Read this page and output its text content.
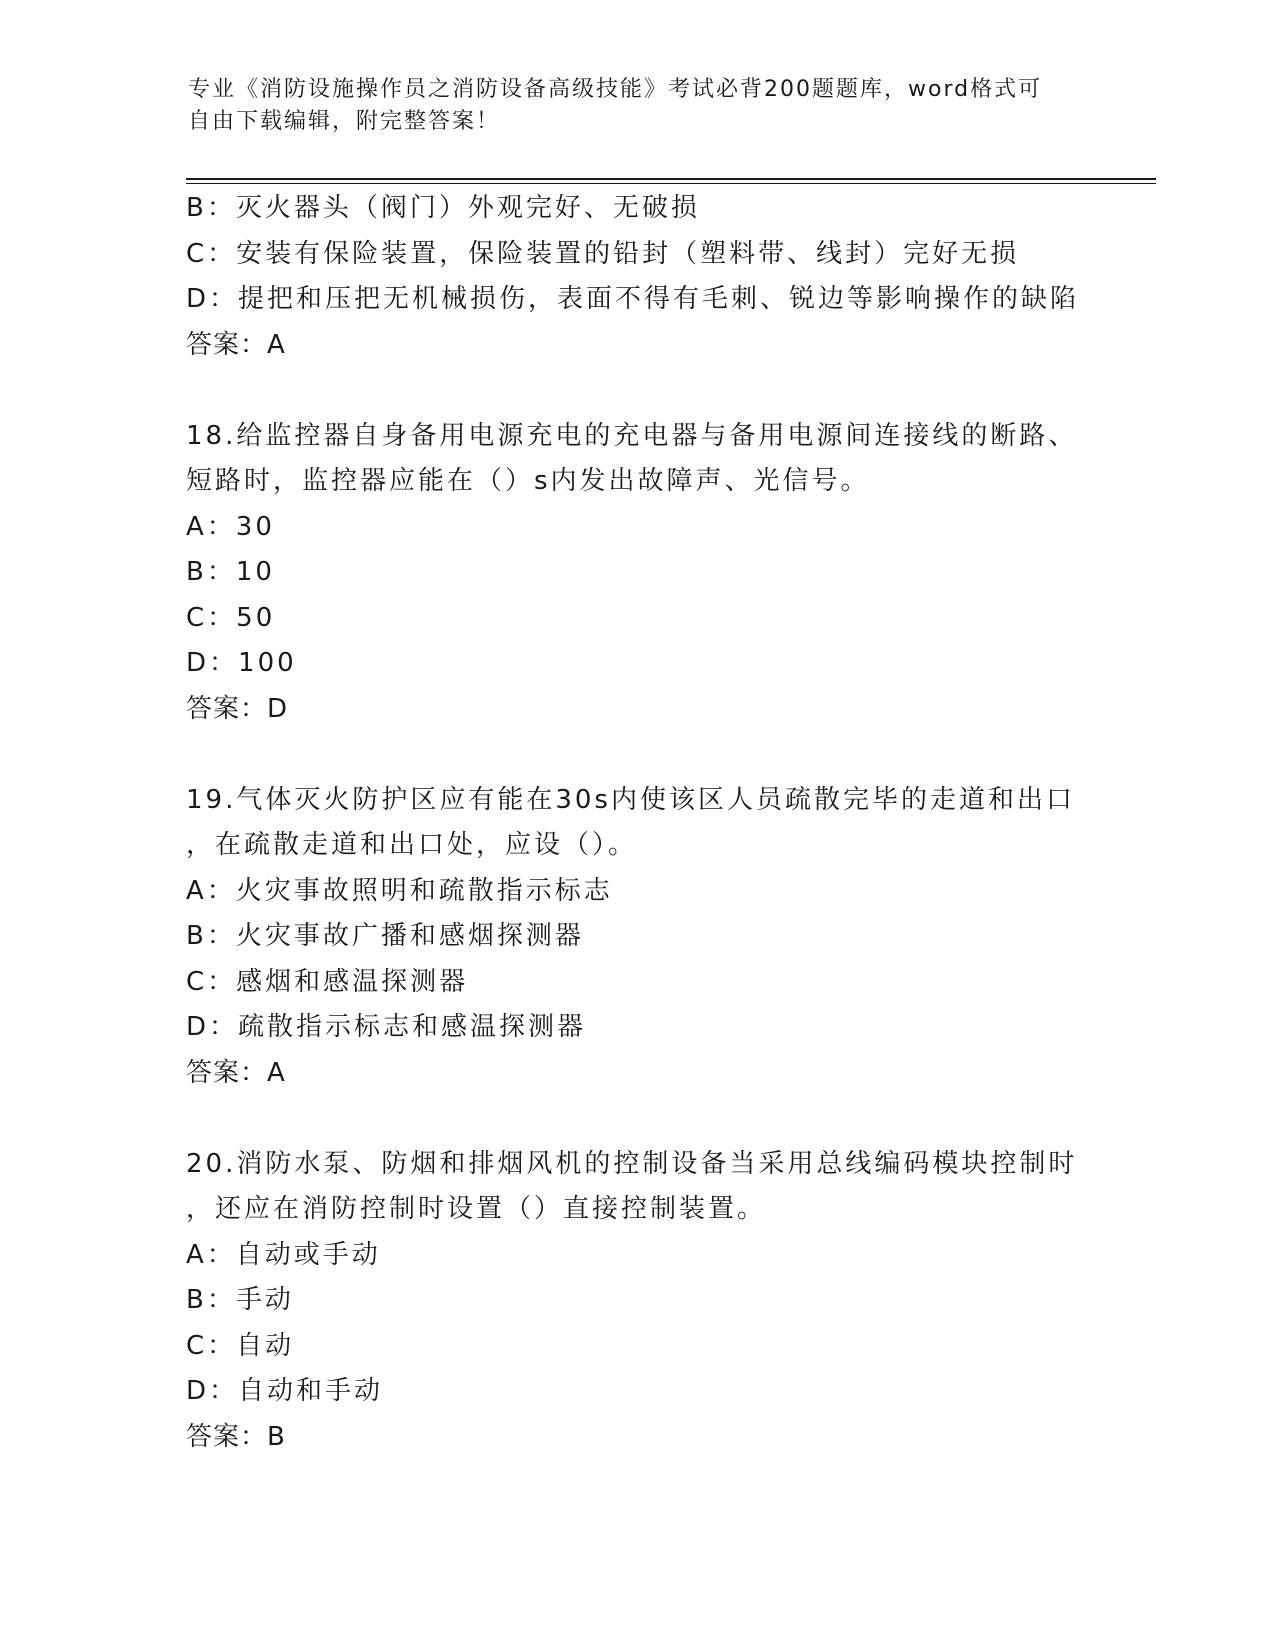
专业《消防设施操作员之消防设备高级技能》考试必背200题题库，word格式可
自由下载编辑，附完整答案！
B：灭火器头（阀门）外观完好、无破损
C：安装有保险装置，保险装置的铅封（塑料带、线封）完好无损
D：提把和压把无机械损伤，表面不得有毛刺、锐边等影响操作的缺陷
答案：A
18.给监控器自身备用电源充电的充电器与备用电源间连接线的断路、
短路时，监控器应能在（）s内发出故障声、光信号。
A：30
B：10
C：50
D：100
答案：D
19.气体灭火防护区应有能在30s内使该区人员疏散完毕的走道和出口
，在疏散走道和出口处，应设（）。
A：火灾事故照明和疏散指示标志
B：火灾事故广播和感烟探测器
C：感烟和感温探测器
D：疏散指示标志和感温探测器
答案：A
20.消防水泵、防烟和排烟风机的控制设备当采用总线编码模块控制时
，还应在消防控制时设置（）直接控制装置。
A：自动或手动
B：手动
C：自动
D：自动和手动
答案：B
